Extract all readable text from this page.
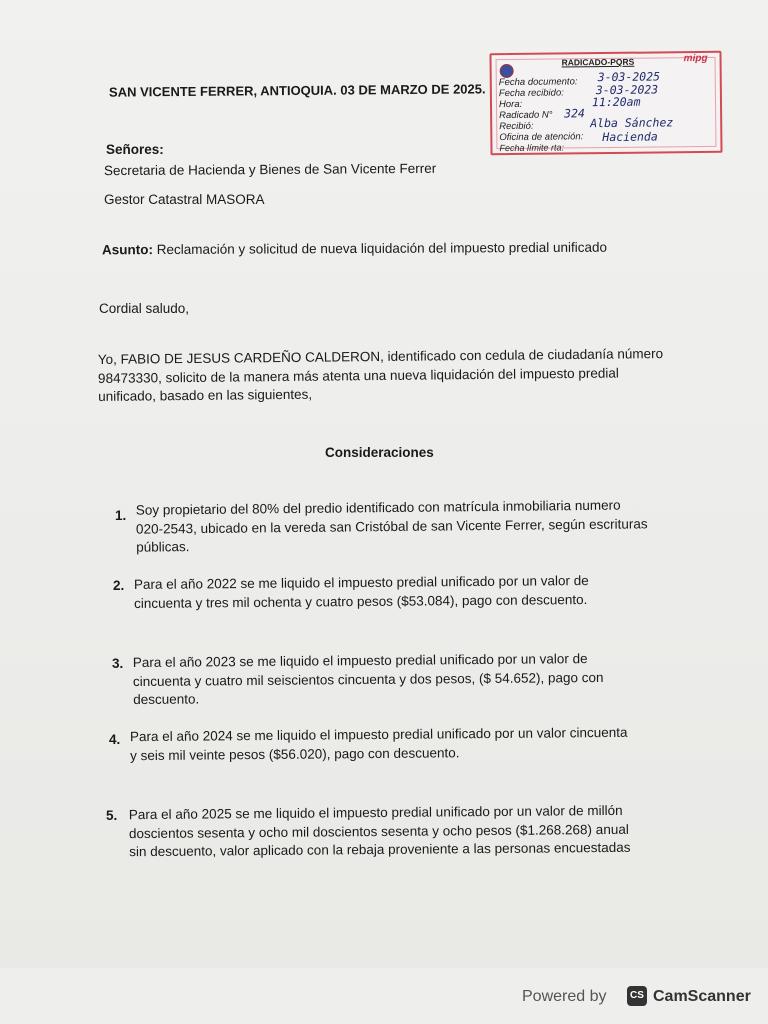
SAN VICENTE FERRER, ANTIOQUIA. 03 DE MARZO DE 2025.
RADICADO-PQRS	mipg
Fecha documento:
Fecha recibido:
Hora:
Radicado N°
Recibió:
Oficina de atención:
Fecha límite rta:
3-03-2025
3-03-2023
11:20am
324
Alba Sánchez
Hacienda
Señores:
Secretaria de Hacienda y Bienes de San Vicente Ferrer
Gestor Catastral MASORA
Asunto: Reclamación y solicitud de nueva liquidación del impuesto predial unificado
Cordial saludo,
Yo, FABIO DE JESUS CARDEÑO CALDERON, identificado con cedula de ciudadanía número
98473330, solicito de la manera más atenta una nueva liquidación del impuesto predial
unificado, basado en las siguientes,
Consideraciones
1. Soy propietario del 80% del predio identificado con matrícula inmobiliaria numero
020-2543, ubicado en la vereda san Cristóbal de san Vicente Ferrer, según escrituras
públicas.
2. Para el año 2022 se me liquido el impuesto predial unificado por un valor de
cincuenta y tres mil ochenta y cuatro pesos ($53.084), pago con descuento.
3. Para el año 2023 se me liquido el impuesto predial unificado por un valor de
cincuenta y cuatro mil seiscientos cincuenta y dos pesos, ($ 54.652), pago con
descuento.
4. Para el año 2024 se me liquido el impuesto predial unificado por un valor cincuenta
y seis mil veinte pesos ($56.020), pago con descuento.
5. Para el año 2025 se me liquido el impuesto predial unificado por un valor de millón
doscientos sesenta y ocho mil doscientos sesenta y ocho pesos ($1.268.268) anual
sin descuento, valor aplicado con la rebaja proveniente a las personas encuestadas
Powered by	CS CamScanner
